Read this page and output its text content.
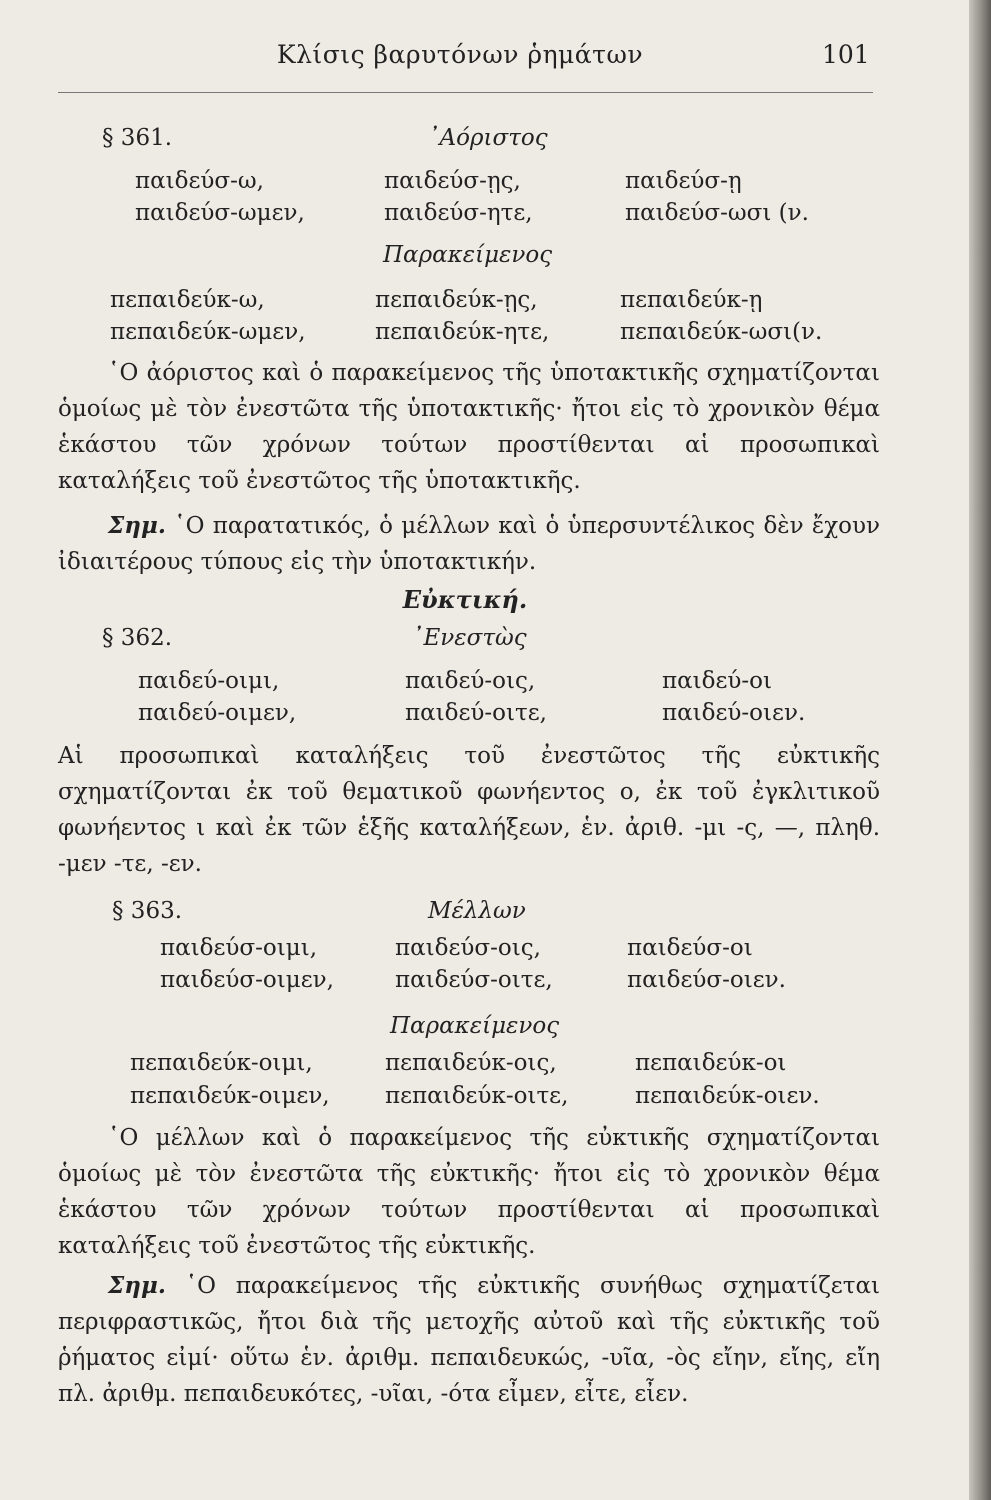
Κλίσις βαρυτόνων ῥημάτων	101
§ 361.	᾿Αόριστος
παιδεύσ-ω,	παιδεύσ-ῃς,	παιδεύσ-ῃ
παιδεύσ-ωμεν,	παιδεύσ-ητε,	παιδεύσ-ωσι (ν.
Παρακείμενος
πεπαιδεύκ-ω,	πεπαιδεύκ-ῃς,	πεπαιδεύκ-ῃ
πεπαιδεύκ-ωμεν,	πεπαιδεύκ-ητε,	πεπαιδεύκ-ωσι(ν.
῾Ο ἀόριστος καὶ ὁ παρακείμενος τῆς ὑποτακτικῆς σχηματίζονται ὁμοίως μὲ τὸν ἐνεστῶτα τῆς ὑποτακτικῆς· ἤτοι εἰς τὸ χρονικὸν θέμα ἑκάστου τῶν χρόνων τούτων προστίθενται αἱ προσωπικαὶ καταλήξεις τοῦ ἐνεστῶτος τῆς ὑποτακτικῆς.
Σημ. ῾Ο παρατατικός, ὁ μέλλων καὶ ὁ ὑπερσυντέλικος δὲν ἔχουν ἰδιαιτέρους τύπους εἰς τὴν ὑποτακτικήν.
Εὐκτική.
§ 362.	᾿Ενεστὼς
παιδεύ-οιμι,	παιδεύ-οις,	παιδεύ-οι
παιδεύ-οιμεν,	παιδεύ-οιτε,	παιδεύ-οιεν.
Αἱ προσωπικαὶ καταλήξεις τοῦ ἐνεστῶτος τῆς εὐκτικῆς σχηματίζονται ἐκ τοῦ θεματικοῦ φωνήεντος ο, ἐκ τοῦ ἐγκλιτικοῦ φωνήεντος ι καὶ ἐκ τῶν ἑξῆς καταλήξεων, ἑν. ἀριθ. -μι -ς, —, πληθ. -μεν -τε, -εν.
§ 363.	Μέλλων
παιδεύσ-οιμι,	παιδεύσ-οις,	παιδεύσ-οι
παιδεύσ-οιμεν,	παιδεύσ-οιτε,	παιδεύσ-οιεν.
Παρακείμενος
πεπαιδεύκ-οιμι,	πεπαιδεύκ-οις,	πεπαιδεύκ-οι
πεπαιδεύκ-οιμεν, πεπαιδεύκ-οιτε,	πεπαιδεύκ-οιεν.
῾Ο μέλλων καὶ ὁ παρακείμενος τῆς εὐκτικῆς σχηματίζονται ὁμοίως μὲ τὸν ἐνεστῶτα τῆς εὐκτικῆς· ἤτοι εἰς τὸ χρονικὸν θέμα ἑκάστου τῶν χρόνων τούτων προστίθενται αἱ προσωπικαὶ καταλήξεις τοῦ ἐνεστῶτος τῆς εὐκτικῆς.
Σημ. ῾Ο παρακείμενος τῆς εὐκτικῆς συνήθως σχηματίζεται περιφραστικῶς, ἤτοι διὰ τῆς μετοχῆς αὐτοῦ καὶ τῆς εὐκτικῆς τοῦ ῥήματος εἰμί· οὕτω ἑν. ἀριθμ. πεπαιδευκώς, -υῖα, -ὸς εἴην, εἴης, εἴη πλ. ἀριθμ. πεπαιδευκότες, -υῖαι, -ότα εἶμεν, εἶτε, εἶεν.
